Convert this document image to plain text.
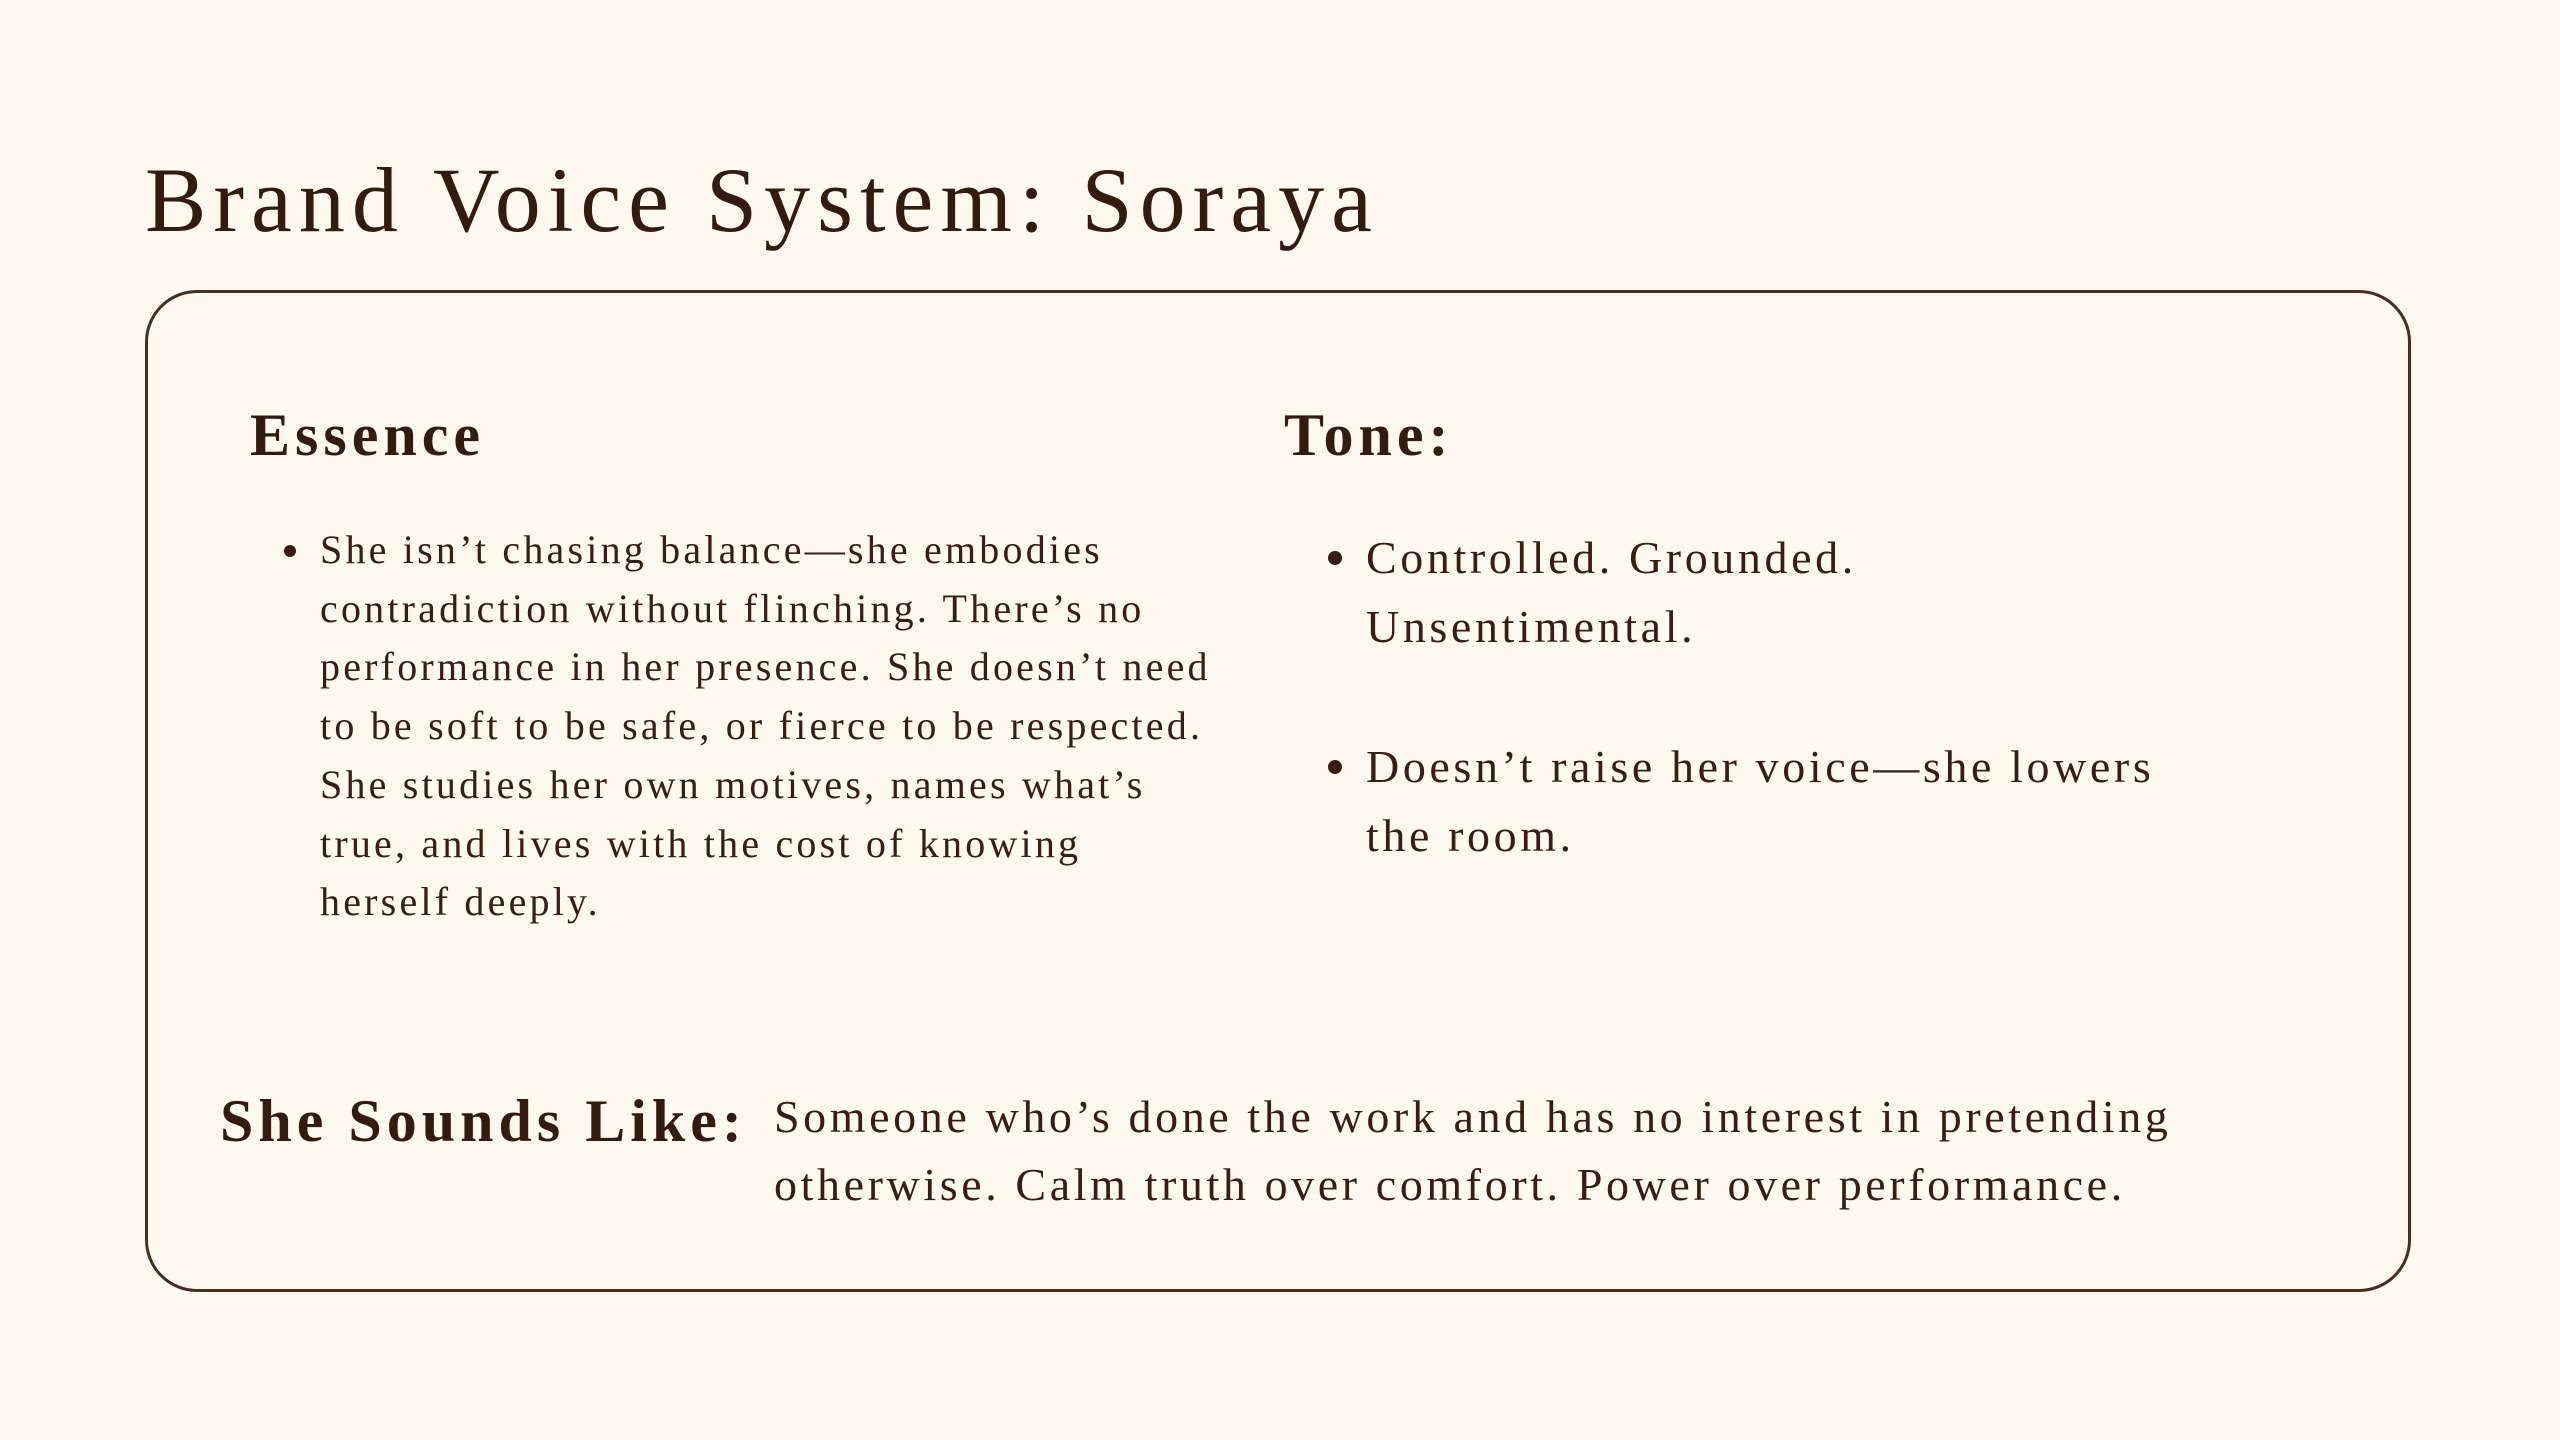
Brand Voice System: Soraya
Essence
She isn’t chasing balance—she embodies contradiction without flinching. There’s no performance in her presence. She doesn’t need to be soft to be safe, or fierce to be respected. She studies her own motives, names what’s true, and lives with the cost of knowing herself deeply.
Tone:
Controlled. Grounded. Unsentimental.
Doesn’t raise her voice—she lowers the room.
She Sounds Like: Someone who’s done the work and has no interest in pretending otherwise. Calm truth over comfort. Power over performance.
